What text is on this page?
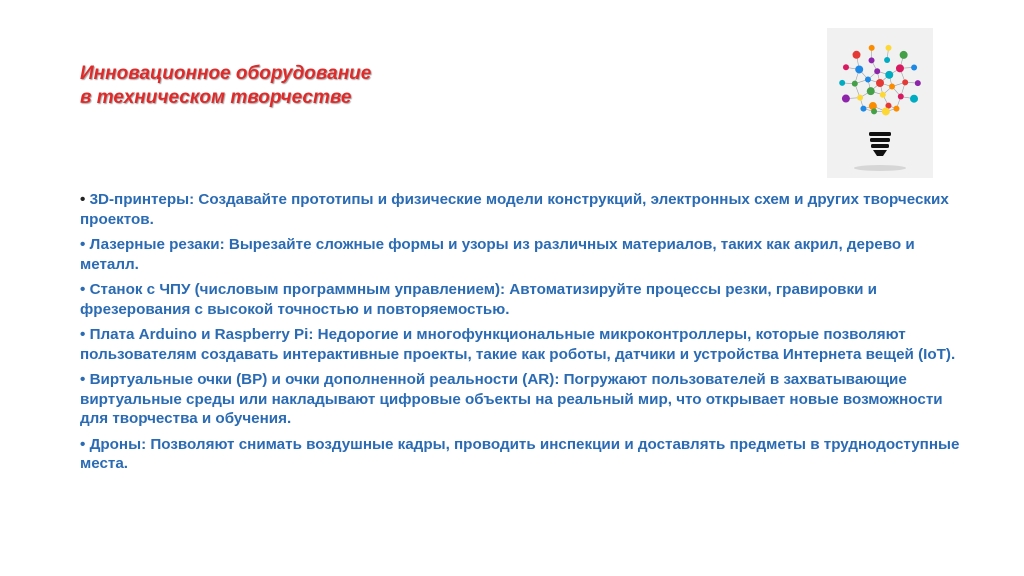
Инновационное оборудование
в техническом творчестве
• 3D-принтеры: Создавайте прототипы и физические модели конструкций, электронных схем и других творческих проектов.
• Лазерные резаки: Вырезайте сложные формы и узоры из различных материалов, таких как акрил, дерево и металл.
• Станок с ЧПУ (числовым программным управлением): Автоматизируйте процессы резки, гравировки и фрезерования с высокой точностью и повторяемостью.
• Плата Arduino и Raspberry Pi: Недорогие и многофункциональные микроконтроллеры, которые позволяют пользователям создавать интерактивные проекты, такие как роботы, датчики и устройства Интернета вещей (IoT).
• Виртуальные очки (ВР) и очки дополненной реальности (AR): Погружают пользователей в захватывающие виртуальные среды или накладывают цифровые объекты на реальный мир, что открывает новые возможности для творчества и обучения.
• Дроны: Позволяют снимать воздушные кадры, проводить инспекции и доставлять предметы в труднодоступные места.
